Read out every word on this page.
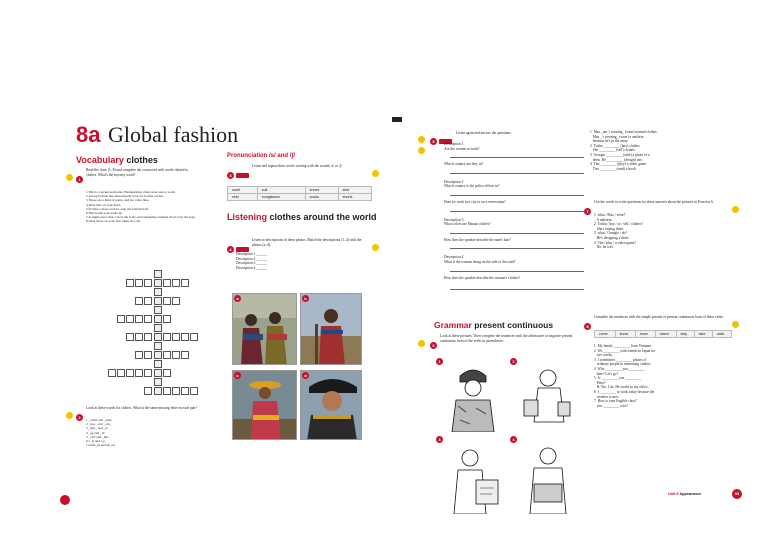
8a Global fashion
Vocabulary clothes
1
Read the clues (1–8) and complete the crossword with words related to clothes. What's the mystery word?
1 This is a jacket and pants. Businessmen often wear one to work.
2 A long bottom that men usually wear for formal events.
3 These are a kind of pants, and are often blue.
4 Wear this on your head.
5 It's like a dress, but it's only the bottom half.
6 This holds your pants up.
7 A single piece that covers the body and sometimes extends down over the legs.
8 Wear these on your feet when it's cold.
2
Look at these words for clothes. What is the same missing letter in each pair?
1 _acket and _eans
2 _hoe_ and _ock_
3 _shir_ and _ie
4 _ag and _ilt
5 _carf and _hirt
6 c_at and t_p
7 unifo_m and sk_ew
Pronunciation /s/ and /ʃ/
3
Listen and repeat these words starting with the sounds /s/ or /ʃ/.
scarf	suit	shoes	skirt
shirt	sunglasses	socks	shorts
Listening clothes around the world
4
Listen to descriptions of these photos. Match the descriptions (1–4) with the photos (a–d).
Description 1 ______
Description 2 ______
Description 3 ______
Description 4 ______
a	b
c	d
5
Listen again and answer the questions.
Description 1
Are the women at work?
Which country are they in?
Description 2
Which country is the police officer in?
Does he work in a city or on a reservation?
Description 3
What colors are Masaai clothes?
How does the speaker describe the man's hair?
Description 4
What is the woman doing on the side of the road?
How does the speaker describe the woman's clothes?
Grammar present continuous
6
Look at these pictures. Then complete the sentences with the affirmative or negative present continuous form of the verbs in parentheses.
1	2
3	4
1  Max _are 1 wearing_ (wear) normal clothes.
Max _'s wearing_ (wear) a uniform
because he's in the army.
2  Trisha _________ (buy) clothes.
She _________ (sell) clothes.
3  Georgio _________ (take) a photo of a
dress. He _________ (design) one.
4  Tim _________ (play) a video game.
Tim _________ (read) a book.
7
Use the words to write questions for these answers about the pictures in Exercise 6.
1  what / Max / wear?
A uniform.
2  Trisha / buy / or / sell / clothes?
She's buying them.
3  what / Georgio / do?
He's designing a dress.
4  Tim / play / a video game?
No, he isn't.
8
Complete the sentences with the simple present or present continuous form of these verbs.
come	know	learn	stand	stay	take	walk
1  My family _________ from Vietnam.
2  We _________ with friends in Japan for
two weeks.
3  I sometimes _________ photos of
ordinary people in interesting clothes.
4  Why _________ you _________
here? Let's go!
5  A: _________ you _________
Peter?
B: Yes, I do. He works in my office.
6  I _________ to work today because the
weather is nice.
7  How is your English class?
you _________ a lot?
Unit 8 Appearance	93
